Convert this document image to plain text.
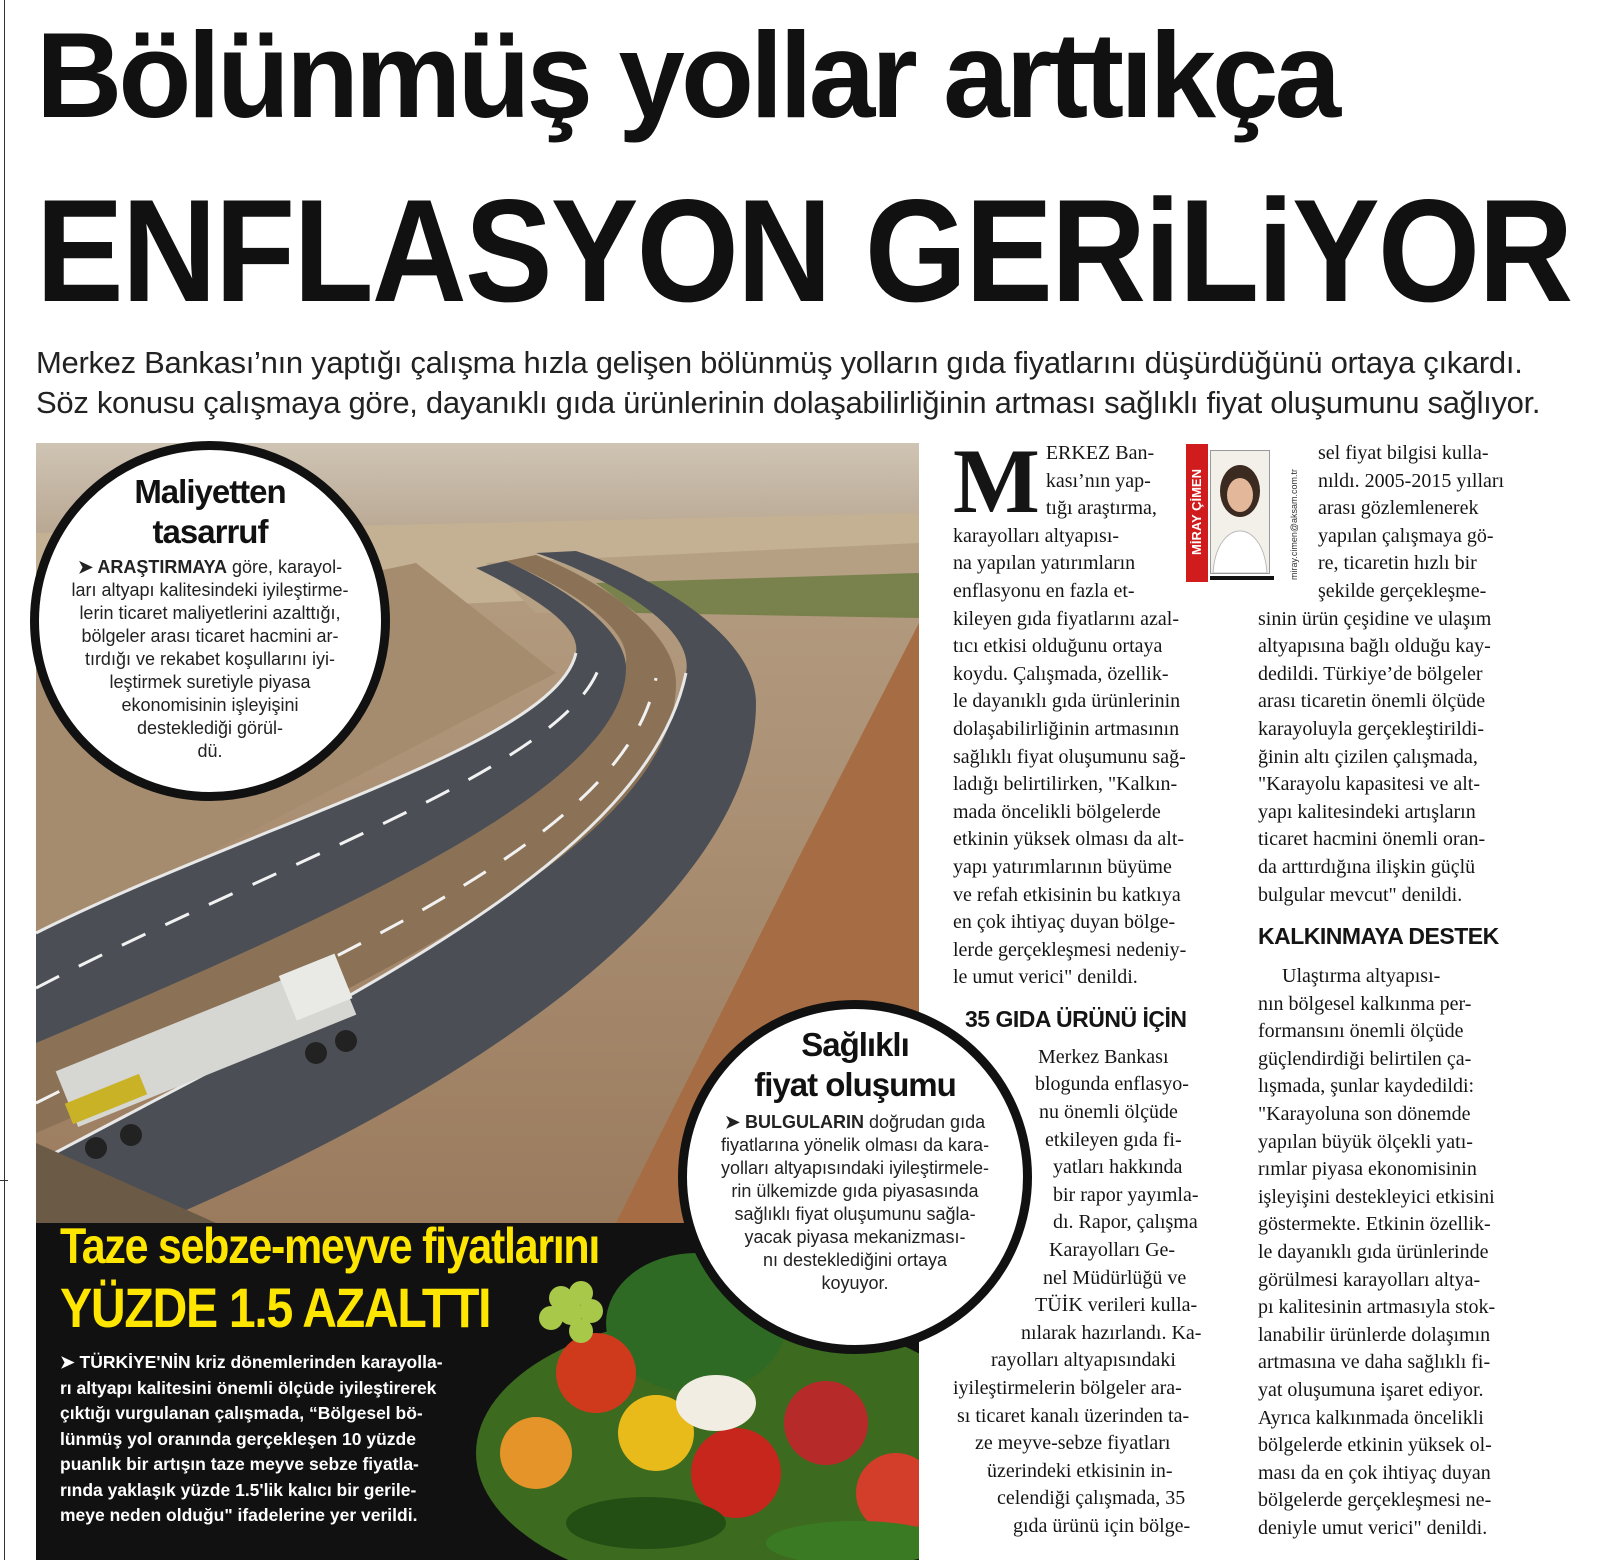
Bölünmüş yollar arttıkça
ENFLASYON GERiLiYOR
Merkez Bankası’nın yaptığı çalışma hızla gelişen bölünmüş yolların gıda fiyatlarını düşürdüğünü ortaya çıkardı.
Söz konusu çalışmaya göre, dayanıklı gıda ürünlerinin dolaşabilirliğinin artması sağlıklı fiyat oluşumunu sağlıyor.
Maliyetten
tasarruf
➤ ARAŞTIRMAYA göre, karayol-
ları altyapı kalitesindeki iyileştirme-
lerin ticaret maliyetlerini azalttığı,
bölgeler arası ticaret hacmini ar-
tırdığı ve rekabet koşullarını iyi-
leştirmek suretiyle piyasa
ekonomisinin işleyişini
desteklediği görül-
dü.
Sağlıklı
fiyat oluşumu
➤ BULGULARIN doğrudan gıda
fiyatlarına yönelik olması da kara-
yolları altyapısındaki iyileştirmele-
rin ülkemizde gıda piyasasında
sağlıklı fiyat oluşumunu sağla-
yacak piyasa mekanizması-
nı desteklediğini ortaya
koyuyor.
Taze sebze-meyve fiyatlarını
YÜZDE 1.5 AZALTTI
➤ TÜRKİYE'NİN kriz dönemlerinden karayolla-
rı altyapı kalitesini önemli ölçüde iyileştirerek
çıktığı vurgulanan çalışmada, “Bölgesel bö-
lünmüş yol oranında gerçekleşen 10 yüzde
puanlık bir artışın taze meyve sebze fiyatla-
rında yaklaşık yüzde 1.5'lik kalıcı bir gerile-
meye neden olduğu" ifadelerine yer verildi.
M ERKEZ Ban-
kası’nın yap-
tığı araştırma,
karayolları altyapısı-
na yapılan yatırımların
enflasyonu en fazla et-
kileyen gıda fiyatlarını azal-
tıcı etkisi olduğunu ortaya
koydu. Çalışmada, özellik-
le dayanıklı gıda ürünlerinin
dolaşabilirliğinin artmasının
sağlıklı fiyat oluşumunu sağ-
ladığı belirtilirken, "Kalkın-
mada öncelikli bölgelerde
etkinin yüksek olması da alt-
yapı yatırımlarının büyüme
ve refah etkisinin bu katkıya
en çok ihtiyaç duyan bölge-
lerde gerçekleşmesi nedeniy-
le umut verici" denildi.
35 GIDA ÜRÜNÜ İÇİN
Merkez Bankası
blogunda enflasyo-
nu önemli ölçüde
etkileyen gıda fi-
yatları hakkında
bir rapor yayımla-
dı. Rapor, çalışma
Karayolları Ge-
nel Müdürlüğü ve
TÜİK verileri kulla-
nılarak hazırlandı. Ka-
rayolları altyapısındaki
iyileştirmelerin bölgeler ara-
sı ticaret kanalı üzerinden ta-
ze meyve-sebze fiyatları
üzerindeki etkisinin in-
celendiği çalışmada, 35
gıda ürünü için bölge-
MİRAY ÇİMEN	miray.cimen@aksam.com.tr
sel fiyat bilgisi kulla-
nıldı. 2005-2015 yılları
arası gözlemlenerek
yapılan çalışmaya gö-
re, ticaretin hızlı bir
şekilde gerçekleşme-
sinin ürün çeşidine ve ulaşım
altyapısına bağlı olduğu kay-
dedildi. Türkiye’de bölgeler
arası ticaretin önemli ölçüde
karayoluyla gerçekleştirildi-
ğinin altı çizilen çalışmada,
"Karayolu kapasitesi ve alt-
yapı kalitesindeki artışların
ticaret hacmini önemli oran-
da arttırdığına ilişkin güçlü
bulgular mevcut" denildi.
KALKINMAYA DESTEK
Ulaştırma altyapısı-
nın bölgesel kalkınma per-
formansını önemli ölçüde
güçlendirdiği belirtilen ça-
lışmada, şunlar kaydedildi:
"Karayoluna son dönemde
yapılan büyük ölçekli yatı-
rımlar piyasa ekonomisinin
işleyişini destekleyici etkisini
göstermekte. Etkinin özellik-
le dayanıklı gıda ürünlerinde
görülmesi karayolları altya-
pı kalitesinin artmasıyla stok-
lanabilir ürünlerde dolaşımın
artmasına ve daha sağlıklı fi-
yat oluşumuna işaret ediyor.
Ayrıca kalkınmada öncelikli
bölgelerde etkinin yüksek ol-
ması da en çok ihtiyaç duyan
bölgelerde gerçekleşmesi ne-
deniyle umut verici" denildi.
